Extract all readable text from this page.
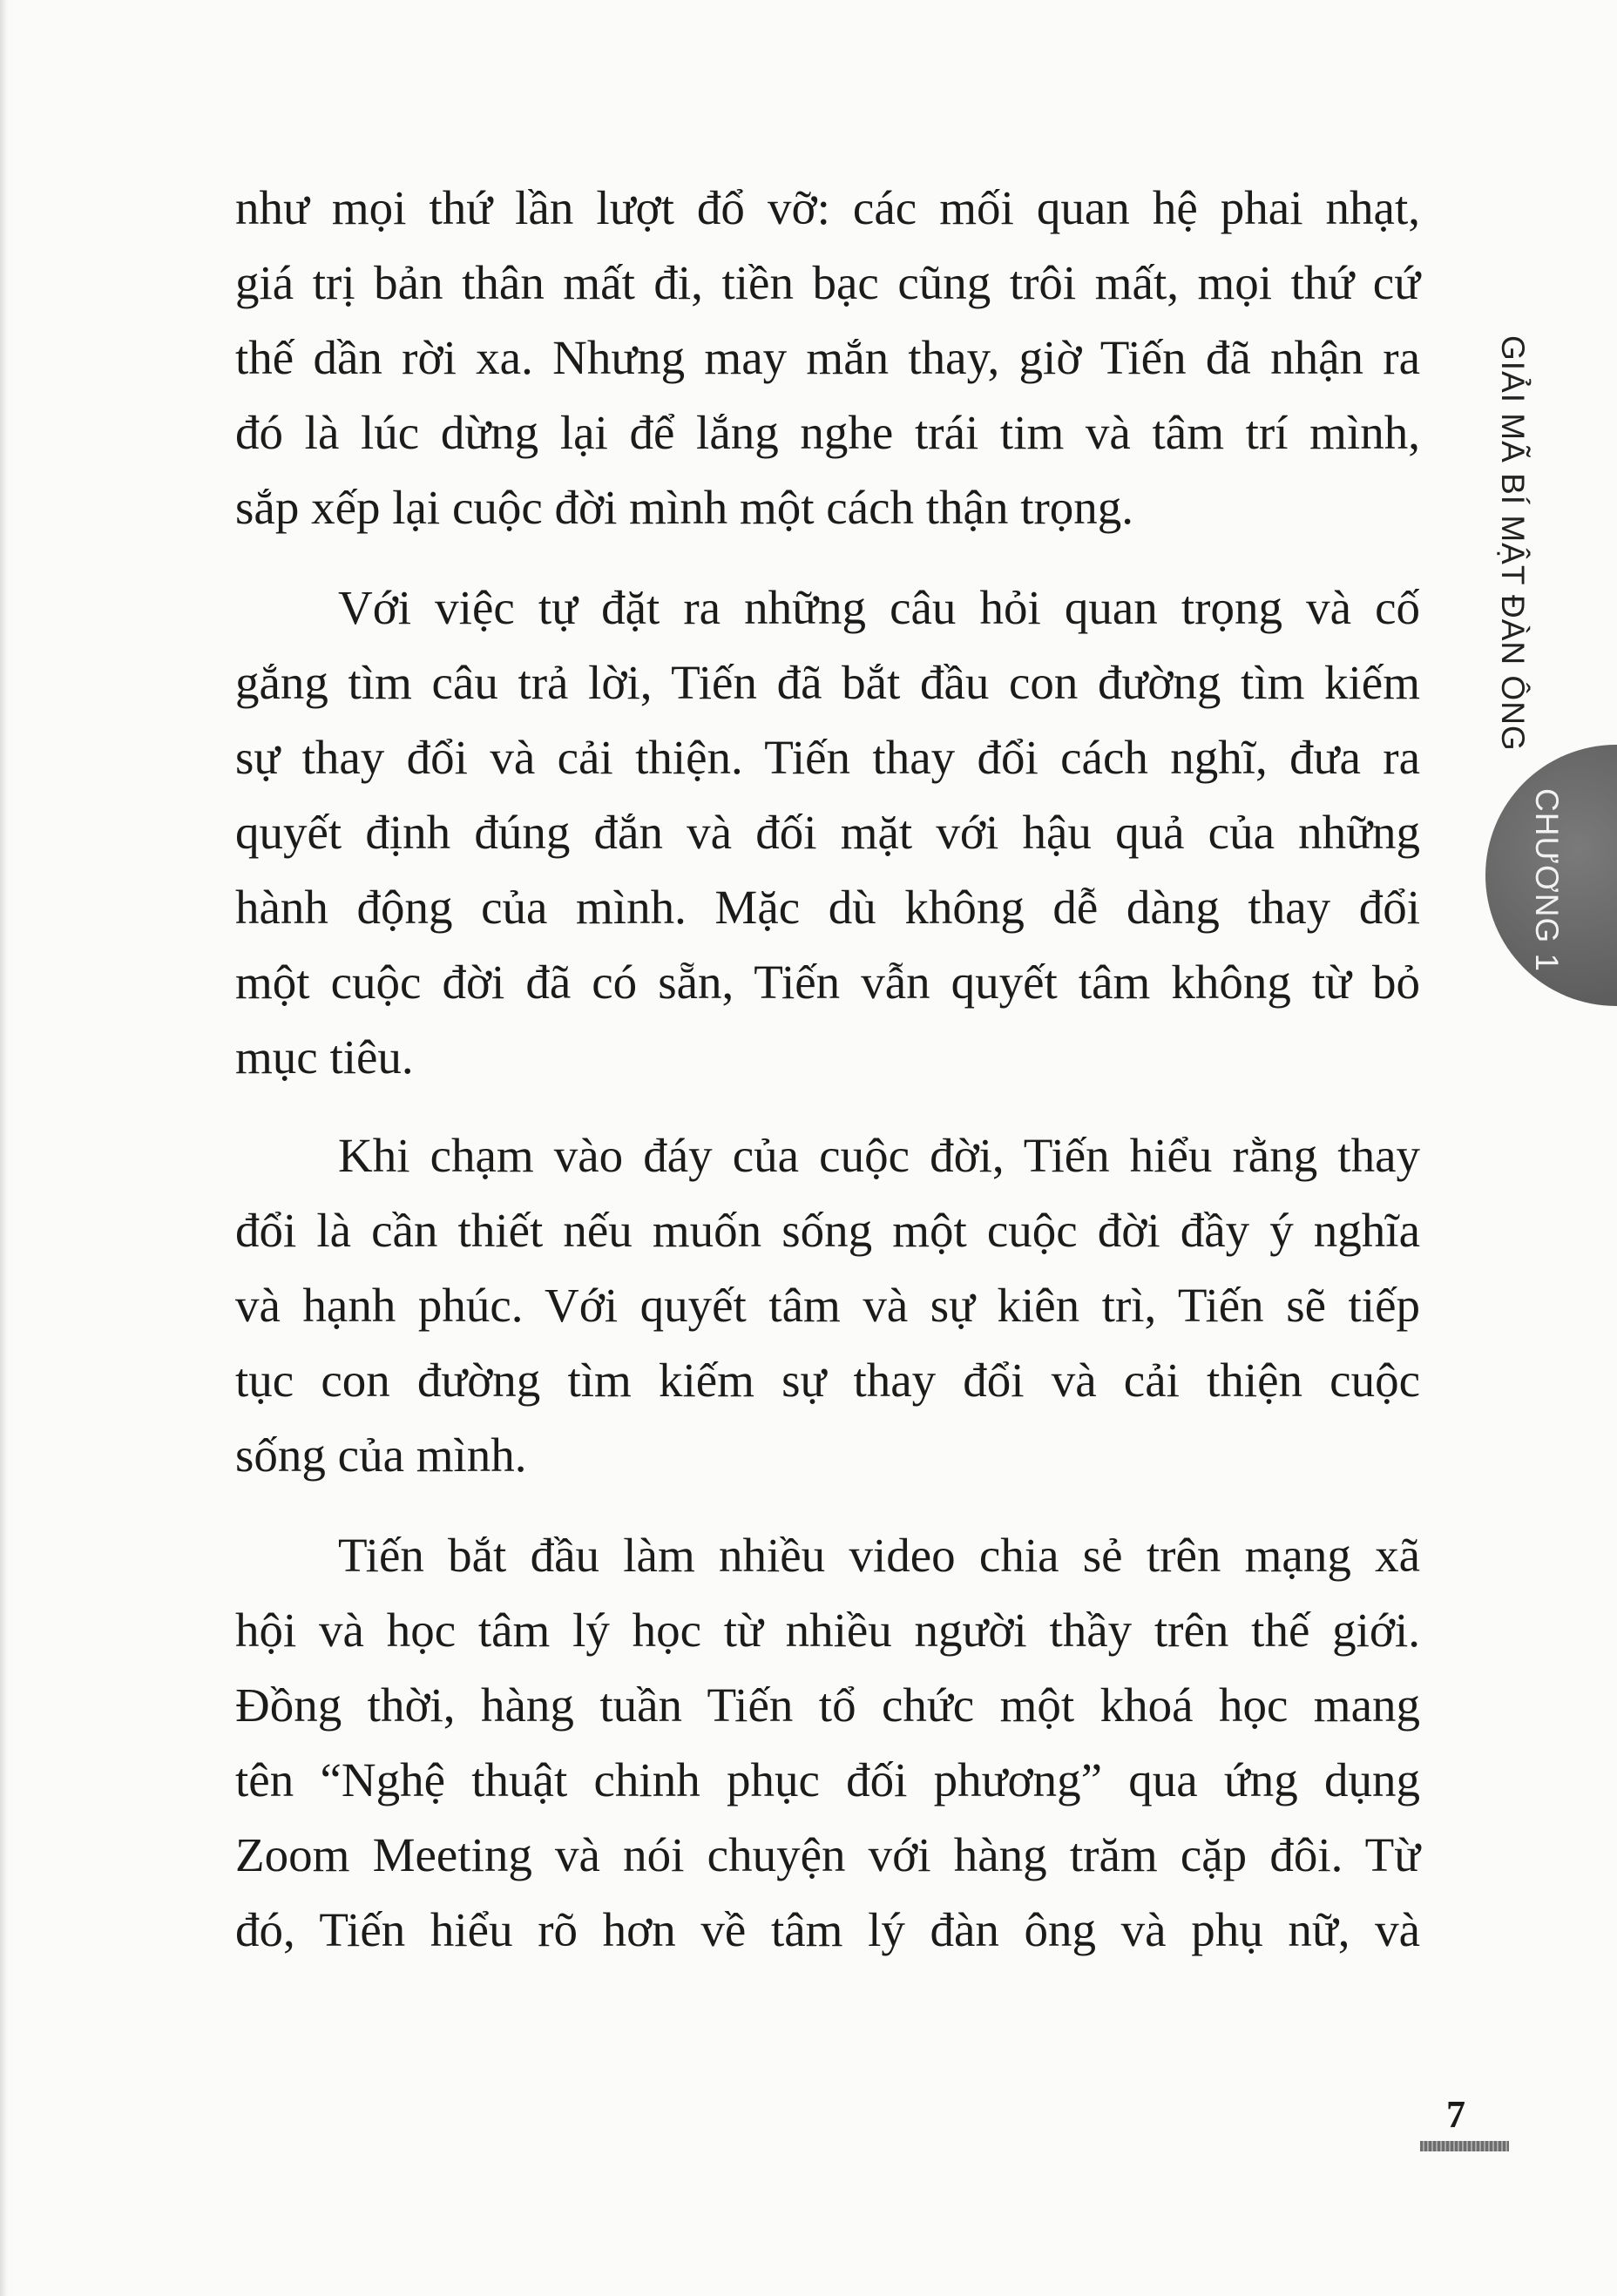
như mọi thứ lần lượt đổ vỡ: các mối quan hệ phai nhạt,
giá trị bản thân mất đi, tiền bạc cũng trôi mất, mọi thứ cứ
thế dần rời xa. Nhưng may mắn thay, giờ Tiến đã nhận ra
đó là lúc dừng lại để lắng nghe trái tim và tâm trí mình,
sắp xếp lại cuộc đời mình một cách thận trọng.
Với việc tự đặt ra những câu hỏi quan trọng và cố
gắng tìm câu trả lời, Tiến đã bắt đầu con đường tìm kiếm
sự thay đổi và cải thiện. Tiến thay đổi cách nghĩ, đưa ra
quyết định đúng đắn và đối mặt với hậu quả của những
hành động của mình. Mặc dù không dễ dàng thay đổi
một cuộc đời đã có sẵn, Tiến vẫn quyết tâm không từ bỏ
mục tiêu.
Khi chạm vào đáy của cuộc đời, Tiến hiểu rằng thay
đổi là cần thiết nếu muốn sống một cuộc đời đầy ý nghĩa
và hạnh phúc. Với quyết tâm và sự kiên trì, Tiến sẽ tiếp
tục con đường tìm kiếm sự thay đổi và cải thiện cuộc
sống của mình.
Tiến bắt đầu làm nhiều video chia sẻ trên mạng xã
hội và học tâm lý học từ nhiều người thầy trên thế giới.
Đồng thời, hàng tuần Tiến tổ chức một khoá học mang
tên “Nghệ thuật chinh phục đối phương” qua ứng dụng
Zoom Meeting và nói chuyện với hàng trăm cặp đôi. Từ
đó, Tiến hiểu rõ hơn về tâm lý đàn ông và phụ nữ, và
GIẢI MÃ BÍ MẬT ĐÀN ÔNG
CHƯƠNG 1
7
